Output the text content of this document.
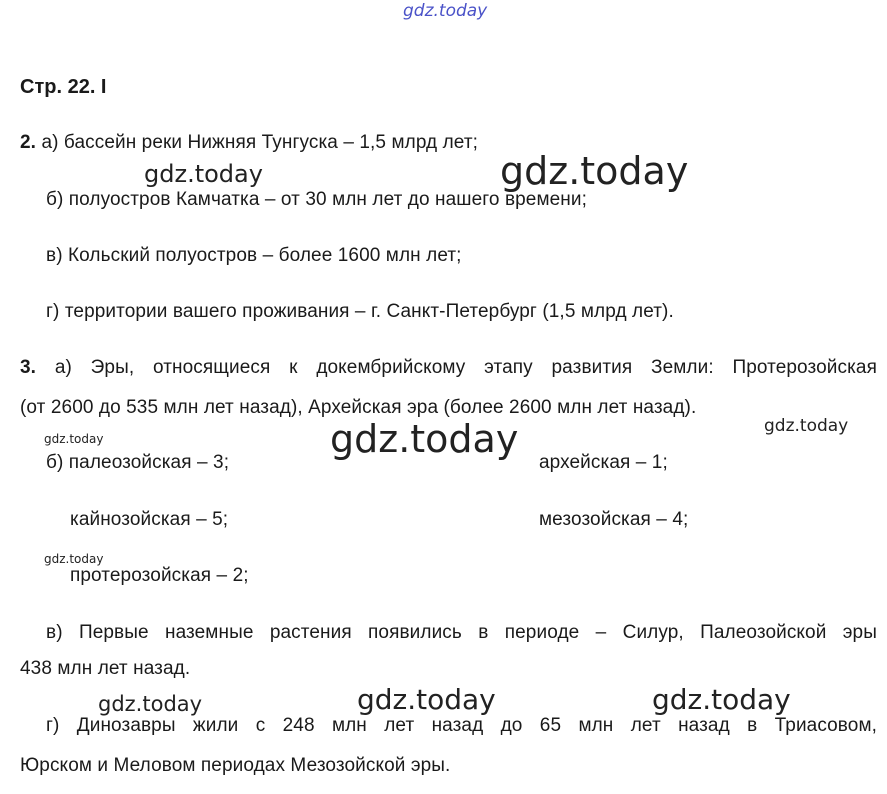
gdz.today
gdz.today	gdz.today
gdz.today	gdz.today	gdz.today
gdz.today
gdz.today	gdz.today	gdz.today
Стр. 22. I
2. а) бассейн реки Нижняя Тунгуска – 1,5 млрд лет;
б) полуостров Камчатка – от 30 млн лет до нашего времени;
в) Кольский полуостров – более 1600 млн лет;
г) территории вашего проживания – г. Санкт-Петербург (1,5 млрд лет).
3. а) Эры, относящиеся к докембрийскому этапу развития Земли: Протерозойская
(от 2600 до 535 млн лет назад), Архейская эра (более 2600 млн лет назад).
б) палеозойская – 3;	архейская – 1;
кайнозойская – 5;	мезозойская – 4;
протерозойская – 2;
в) Первые наземные растения появились в периоде – Силур, Палеозойской эры
438 млн лет назад.
г) Динозавры жили с 248 млн лет назад до 65 млн лет назад в Триасовом,
Юрском и Меловом периодах Мезозойской эры.
